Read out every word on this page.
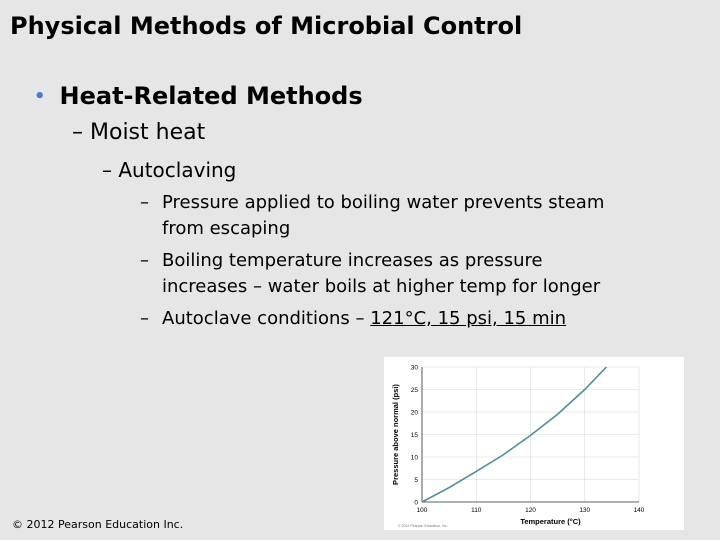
Physical Methods of Microbial Control
• Heat-Related Methods
– Moist heat
– Autoclaving
– Pressure applied to boiling water prevents steam
from escaping
– Boiling temperature increases as pressure
increases – water boils at higher temp for longer
– Autoclave conditions – 121°C, 15 psi, 15 min
100	110	120	130	140
0
5
10
15
20
25
30
Temperature (°C)
Pressure above normal (psi)
© 2012 Pearson Education, Inc.
© 2012 Pearson Education Inc.
